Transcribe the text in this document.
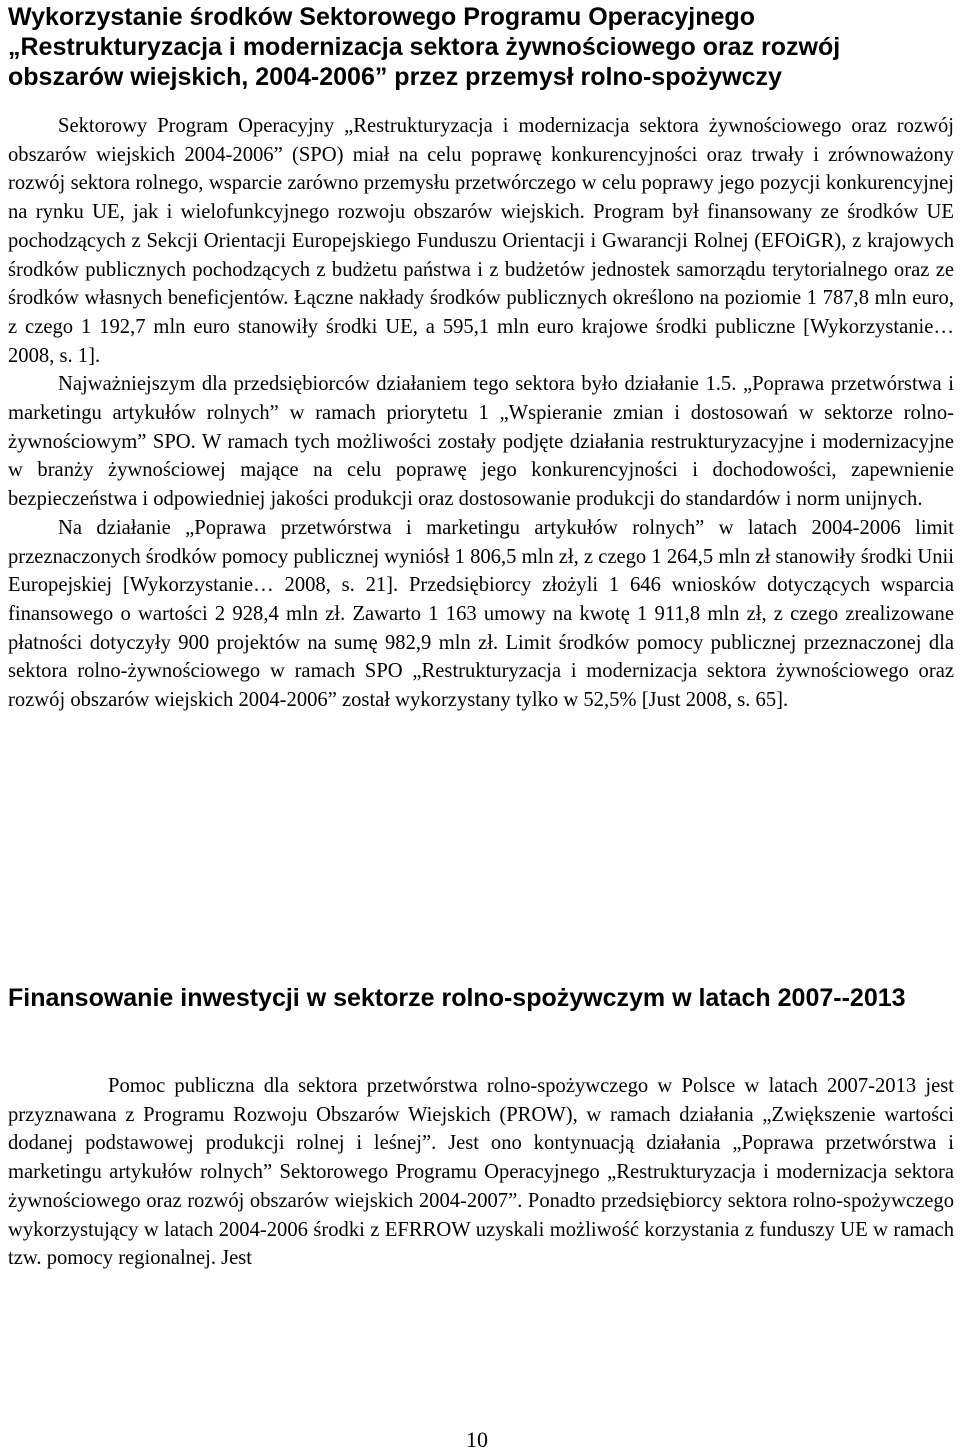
Wykorzystanie środków Sektorowego Programu Operacyjnego „Restrukturyzacja i modernizacja sektora żywnościowego oraz rozwój obszarów wiejskich, 2004-2006” przez przemysł rolno-spożywczy

Sektorowy Program Operacyjny „Restrukturyzacja i modernizacja sektora żywnościowego oraz rozwój obszarów wiejskich 2004-2006” (SPO) miał na celu poprawę konkurencyjności oraz trwały i zrównoważony rozwój sektora rolnego, wsparcie zarówno przemysłu przetwórczego w celu poprawy jego pozycji konkurencyjnej na rynku UE, jak i wielofunkcyjnego rozwoju obszarów wiejskich. Program był finansowany ze środków UE pochodzących z Sekcji Orientacji Europejskiego Funduszu Orientacji i Gwarancji Rolnej (EFOiGR), z krajowych środków publicznych pochodzących z budżetu państwa i z budżetów jednostek samorządu terytorialnego oraz ze środków własnych beneficjentów. Łączne nakłady środków publicznych określono na poziomie 1 787,8 mln euro, z czego 1 192,7 mln euro stanowiły środki UE, a 595,1 mln euro krajowe środki publiczne [Wykorzystanie… 2008, s. 1].

Najważniejszym dla przedsiębiorców działaniem tego sektora było działanie 1.5. „Poprawa przetwórstwa i marketingu artykułów rolnych” w ramach priorytetu 1 „Wspieranie zmian i dostosowań w sektorze rolno-żywnościowym” SPO. W ramach tych możliwości zostały podjęte działania restrukturyzacyjne i modernizacyjne w branży żywnościowej mające na celu poprawę jego konkurencyjności i dochodowości, zapewnienie bezpieczeństwa i odpowiedniej jakości produkcji oraz dostosowanie produkcji do standardów i norm unijnych.

Na działanie „Poprawa przetwórstwa i marketingu artykułów rolnych” w latach 2004-2006 limit przeznaczonych środków pomocy publicznej wyniósł 1 806,5 mln zł, z czego 1 264,5 mln zł stanowiły środki Unii Europejskiej [Wykorzystanie… 2008, s. 21]. Przedsiębiorcy złożyli 1 646 wniosków dotyczących wsparcia finansowego o wartości 2 928,4 mln zł. Zawarto 1 163 umowy na kwotę 1 911,8 mln zł, z czego zrealizowane płatności dotyczyły 900 projektów na sumę 982,9 mln zł. Limit środków pomocy publicznej przeznaczonej dla sektora rolno-żywnościowego w ramach SPO „Restrukturyzacja i modernizacja sektora żywnościowego oraz rozwój obszarów wiejskich 2004-2006” został wykorzystany tylko w 52,5% [Just 2008, s. 65].

Finansowanie inwestycji w sektorze rolno-spożywczym w latach 2007--2013

Pomoc publiczna dla sektora przetwórstwa rolno-spożywczego w Polsce w latach 2007-2013 jest przyznawana z Programu Rozwoju Obszarów Wiejskich (PROW), w ramach działania „Zwiększenie wartości dodanej podstawowej produkcji rolnej i leśnej”. Jest ono kontynuacją działania „Poprawa przetwórstwa i marketingu artykułów rolnych” Sektorowego Programu Operacyjnego „Restrukturyzacja i modernizacja sektora żywnościowego oraz rozwój obszarów wiejskich 2004-2007”. Ponadto przedsiębiorcy sektora rolno-spożywczego wykorzystujący w latach 2004-2006 środki z EFRROW uzyskali możliwość korzystania z funduszy UE w ramach tzw. pomocy regionalnej. Jest

10
